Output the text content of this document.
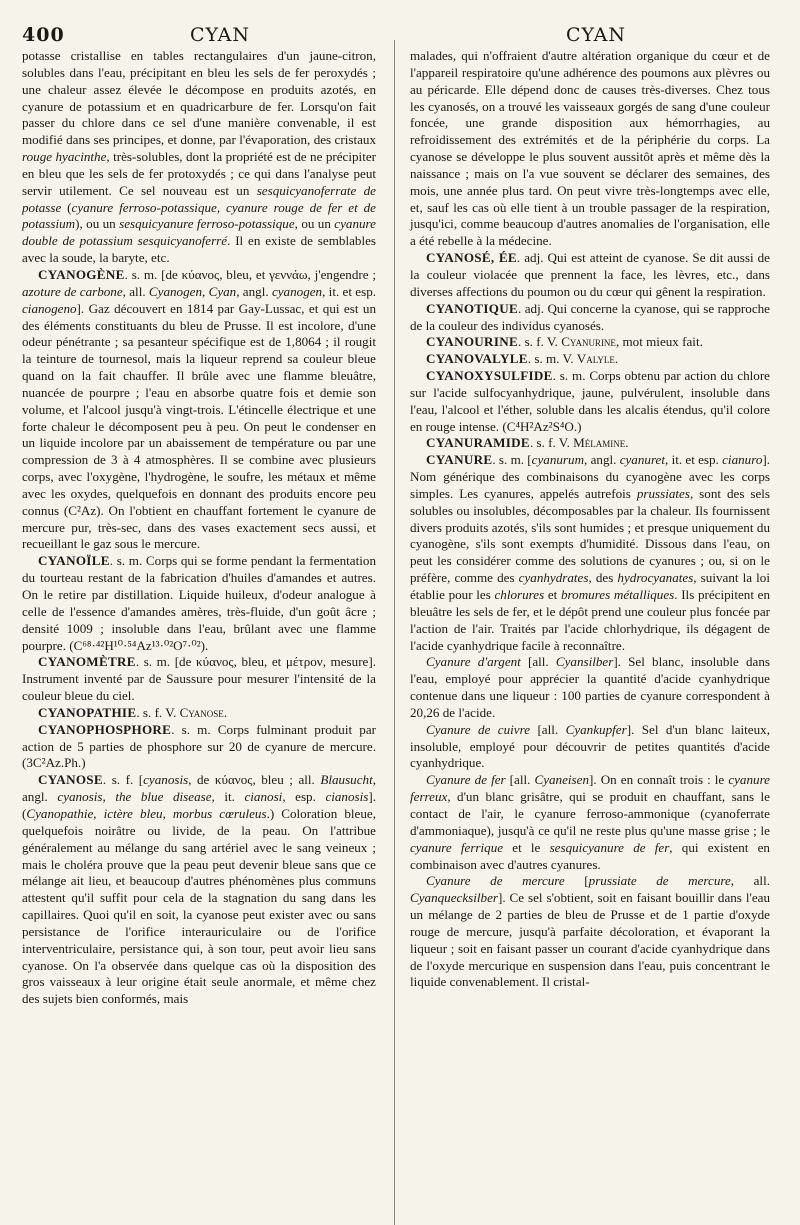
400	CYAN	CYAN

potasse cristallise en tables rectangulaires d'un jaune-citron, solubles dans l'eau, précipitant en bleu les sels de fer peroxydés ; une chaleur assez élevée le décompose en produits azotés, en cyanure de potassium et en quadricarbure de fer. Lorsqu'on fait passer du chlore dans ce sel d'une manière convenable, il est modifié dans ses principes, et donne, par l'évaporation, des cristaux rouge hyacinthe, très-solubles, dont la propriété est de ne précipiter en bleu que les sels de fer protoxydés ; ce qui dans l'analyse peut servir utilement. Ce sel nouveau est un sesquicyanoferrate de potasse (cyanure ferroso-potassique, cyanure rouge de fer et de potassium), ou un sesquicyanure ferroso-potassique, ou un cyanure double de potassium sesquicyanoferré. Il en existe de semblables avec la soude, la baryte, etc.

CYANOGÈNE. s. m. [de κύανος, bleu, et γεννάω, j'engendre ; azoture de carbone, all. Cyanogen, Cyan, angl. cyanogen, it. et esp. cianogeno]. Gaz découvert en 1814 par Gay-Lussac, et qui est un des éléments constituants du bleu de Prusse. Il est incolore, d'une odeur pénétrante ; sa pesanteur spécifique est de 1,8064 ; il rougit la teinture de tournesol, mais la liqueur reprend sa couleur bleue quand on la fait chauffer. Il brûle avec une flamme bleuâtre, nuancée de pourpre ; l'eau en absorbe quatre fois et demie son volume, et l'alcool jusqu'à vingt-trois. L'étincelle électrique et une forte chaleur le décomposent peu à peu. On peut le condenser en un liquide incolore par un abaissement de température ou par une compression de 3 à 4 atmosphères. Il se combine avec plusieurs corps, avec l'oxygène, l'hydrogène, le soufre, les métaux et même avec les oxydes, quelquefois en donnant des produits encore peu connus (C²Az). On l'obtient en chauffant fortement le cyanure de mercure pur, très-sec, dans des vases exactement secs aussi, et recueillant le gaz sous le mercure.

CYANOÏLE. s. m. Corps qui se forme pendant la fermentation du tourteau restant de la fabrication d'huiles d'amandes et autres. On le retire par distillation. Liquide huileux, d'odeur analogue à celle de l'essence d'amandes amères, très-fluide, d'un goût âcre ; densité 1009 ; insoluble dans l'eau, brûlant avec une flamme pourpre. (C⁶⁸·⁴²H¹⁰·⁵⁴Az¹³·⁰²O⁷·⁰²).

CYANOMÈTRE. s. m. [de κύανος, bleu, et μέτρον, mesure]. Instrument inventé par de Saussure pour mesurer l'intensité de la couleur bleue du ciel.

CYANOPATHIE. s. f. V. Cyanose.

CYANOPHOSPHORE. s. m. Corps fulminant produit par action de 5 parties de phosphore sur 20 de cyanure de mercure. (3C²Az.Ph.)

CYANOSE. s. f. [cyanosis, de κύανος, bleu ; all. Blausucht, angl. cyanosis, the blue disease, it. cianosi, esp. cianosis]. (Cyanopathie, ictère bleu, morbus cœruleus.) Coloration bleue, quelquefois noirâtre ou livide, de la peau. On l'attribue généralement au mélange du sang artériel avec le sang veineux ; mais le choléra prouve que la peau peut devenir bleue sans que ce mélange ait lieu, et beaucoup d'autres phénomènes plus communs attestent qu'il suffit pour cela de la stagnation du sang dans les capillaires. Quoi qu'il en soit, la cyanose peut exister avec ou sans persistance de l'orifice interauriculaire ou de l'orifice interventriculaire, persistance qui, à son tour, peut avoir lieu sans cyanose. On l'a observée dans quelque cas où la disposition des gros vaisseaux à leur origine était seule anormale, et même chez des sujets bien conformés, mais

malades, qui n'offraient d'autre altération organique du cœur et de l'appareil respiratoire qu'une adhérence des poumons aux plèvres ou au péricarde. Elle dépend donc de causes très-diverses. Chez tous les cyanosés, on a trouvé les vaisseaux gorgés de sang d'une couleur foncée, une grande disposition aux hémorrhagies, au refroidissement des extrémités et de la périphérie du corps. La cyanose se développe le plus souvent aussitôt après et même dès la naissance ; mais on l'a vue souvent se déclarer des semaines, des mois, une année plus tard. On peut vivre très-longtemps avec elle, et, sauf les cas où elle tient à un trouble passager de la respiration, jusqu'ici, comme beaucoup d'autres anomalies de l'organisation, elle a été rebelle à la médecine.

CYANOSÉ, ÉE. adj. Qui est atteint de cyanose. Se dit aussi de la couleur violacée que prennent la face, les lèvres, etc., dans diverses affections du poumon ou du cœur qui gênent la respiration.

CYANOTIQUE. adj. Qui concerne la cyanose, qui se rapproche de la couleur des individus cyanosés.

CYANOURINE. s. f. V. Cyanurine, mot mieux fait.

CYANOVALYLE. s. m. V. Valyle.

CYANOXYSULFIDE. s. m. Corps obtenu par action du chlore sur l'acide sulfocyanhydrique, jaune, pulvérulent, insoluble dans l'eau, l'alcool et l'éther, soluble dans les alcalis étendus, qu'il colore en rouge intense. (C⁴H²Az²S⁴O.)

CYANURAMIDE. s. f. V. Mélamine.

CYANURE. s. m. [cyanurum, angl. cyanuret, it. et esp. cianuro]. Nom générique des combinaisons du cyanogène avec les corps simples. Les cyanures, appelés autrefois prussiates, sont des sels solubles ou insolubles, décomposables par la chaleur. Ils fournissent divers produits azotés, s'ils sont humides ; et presque uniquement du cyanogène, s'ils sont exempts d'humidité. Dissous dans l'eau, on peut les considérer comme des solutions de cyanures ; ou, si on le préfère, comme des cyanhydrates, des hydrocyanates, suivant la loi établie pour les chlorures et bromures métalliques. Ils précipitent en bleuâtre les sels de fer, et le dépôt prend une couleur plus foncée par l'action de l'air. Traités par l'acide chlorhydrique, ils dégagent de l'acide cyanhydrique facile à reconnaître.

Cyanure d'argent [all. Cyansilber]. Sel blanc, insoluble dans l'eau, employé pour apprécier la quantité d'acide cyanhydrique contenue dans une liqueur : 100 parties de cyanure correspondent à 20,26 de l'acide.

Cyanure de cuivre [all. Cyankupfer]. Sel d'un blanc laiteux, insoluble, employé pour découvrir de petites quantités d'acide cyanhydrique.

Cyanure de fer [all. Cyaneisen]. On en connaît trois : le cyanure ferreux, d'un blanc grisâtre, qui se produit en chauffant, sans le contact de l'air, le cyanure ferroso-ammonique (cyanoferrate d'ammoniaque), jusqu'à ce qu'il ne reste plus qu'une masse grise ; le cyanure ferrique et le sesquicyanure de fer, qui existent en combinaison avec d'autres cyanures.

Cyanure de mercure [prussiate de mercure, all. Cyanquecksilber]. Ce sel s'obtient, soit en faisant bouillir dans l'eau un mélange de 2 parties de bleu de Prusse et de 1 partie d'oxyde rouge de mercure, jusqu'à parfaite décoloration, et évaporant la liqueur ; soit en faisant passer un courant d'acide cyanhydrique dans de l'oxyde mercurique en suspension dans l'eau, puis concentrant le liquide convenablement. Il cristal-
